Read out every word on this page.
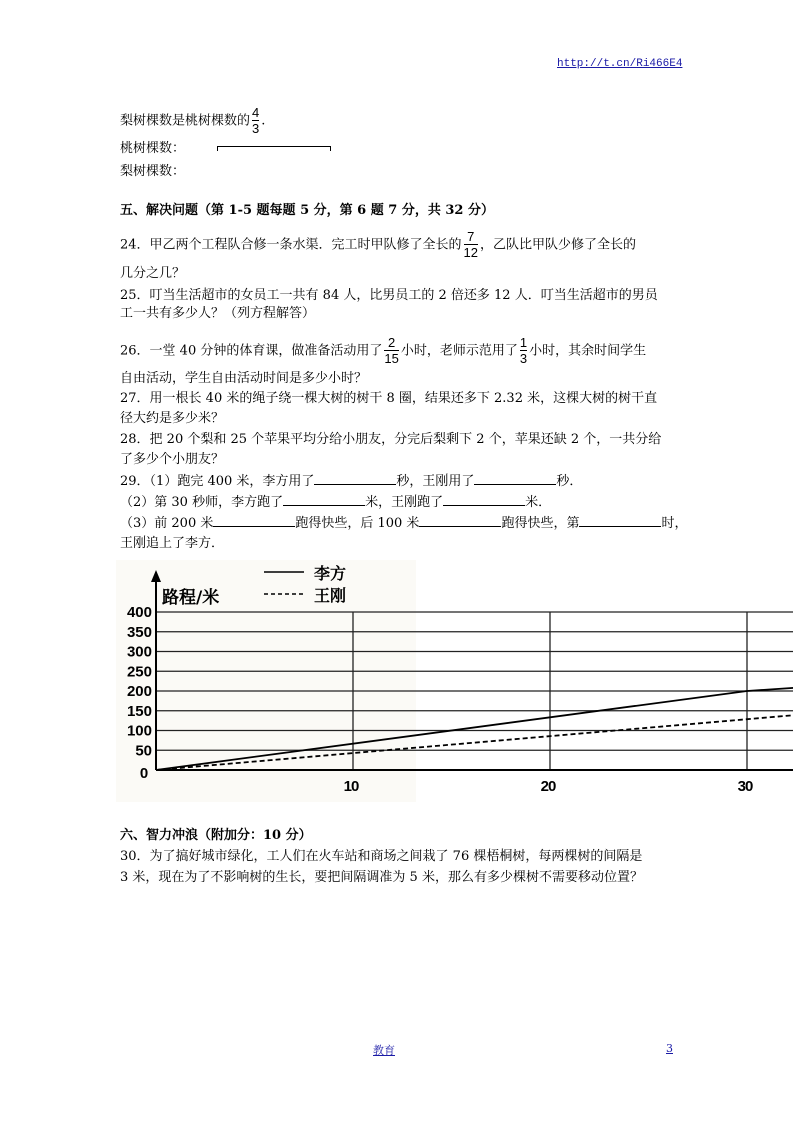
http://t.cn/Ri466E4
梨树棵数是桃树棵数的 $\frac{4}{3}$ .
桃树棵数：
梨树棵数：
五、解决问题（第 1-5 题每题 5 分，第 6 题 7 分，共 32 分）
24．甲乙两个工程队合修一条水渠．完工时甲队修了全长的 $\frac{7}{12}$ ，乙队比甲队少修了全长的
几分之几？
25．叮当生活超市的女员工一共有 84 人，比男员工的 2 倍还多 12 人．叮当生活超市的男员
工一共有多少人？（列方程解答）
26．一堂 40 分钟的体育课，做准备活动用了 $\frac{2}{15}$ 小时，老师示范用了 $\frac{1}{3}$ 小时，其余时间学生
自由活动，学生自由活动时间是多少小时？
27．用一根长 40 米的绳子绕一棵大树的树干 8 圈，结果还多下 2.32 米，这棵大树的树干直
径大约是多少米？
28．把 20 个梨和 25 个苹果平均分给小朋友，分完后梨剩下 2 个，苹果还缺 2 个，一共分给
了多少个小朋友？
29．（1）跑完 400 米，李方用了	秒，王刚用了	秒．
（2）第 30 秒师，李方跑了	米，王刚跑了	米．
（3）前 200 米	跑得快些，后 100 米	跑得快些，第	时，
王刚追上了李方．
50
100
150
200
250
300
350
400
0
10	20	30
路程/米
李方
王刚
六、智力冲浪（附加分：10 分）
30．为了搞好城市绿化，工人们在火车站和商场之间栽了 76 棵梧桐树，每两棵树的间隔是
3 米，现在为了不影响树的生长，要把间隔调准为 5 米，那么有多少棵树不需要移动位置？
教育	3
